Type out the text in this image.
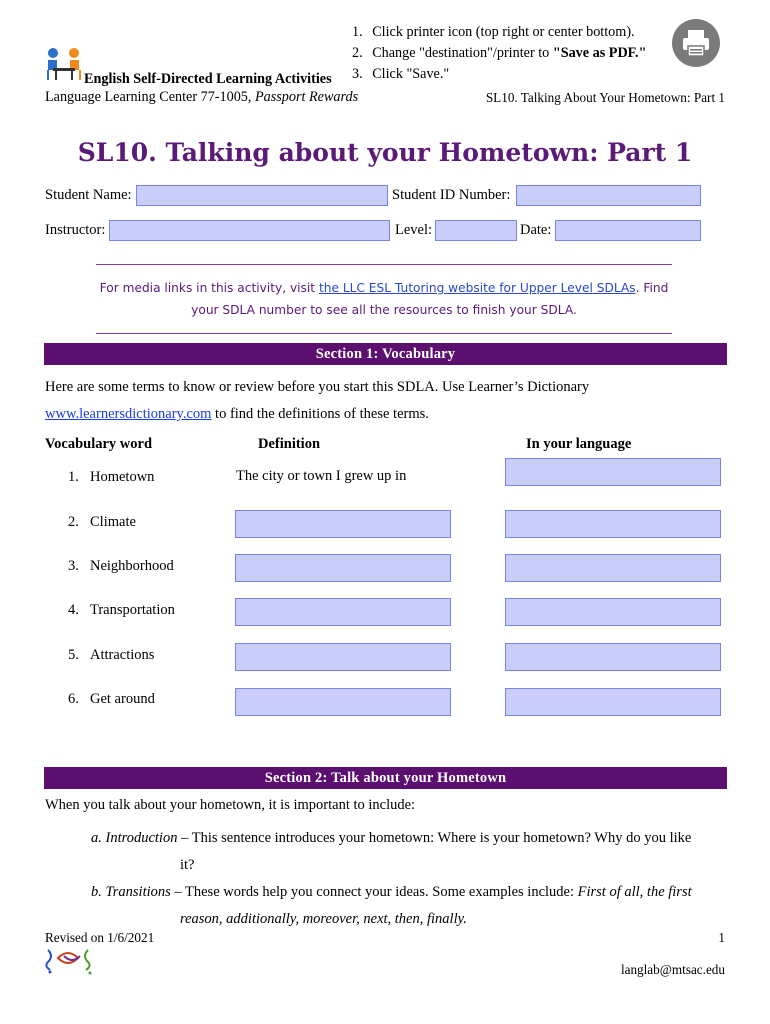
1. Click printer icon (top right or center bottom).
2. Change "destination"/printer to "Save as PDF."
3. Click "Save."
English Self-Directed Learning Activities
Language Learning Center 77-1005, Passport Rewards	SL10. Talking About Your Hometown: Part 1
SL10. Talking about your Hometown: Part 1
Student Name:	Student ID Number:
Instructor:	Level:	Date:
For media links in this activity, visit the LLC ESL Tutoring website for Upper Level SDLAs. Find
your SDLA number to see all the resources to finish your SDLA.
Section 1: Vocabulary
Here are some terms to know or review before you start this SDLA. Use Learner’s Dictionary
www.learnersdictionary.com to find the definitions of these terms.
Vocabulary word	Definition	In your language
1. Hometown	The city or town I grew up in
2. Climate
3. Neighborhood
4. Transportation
5. Attractions
6. Get around
Section 2: Talk about your Hometown
When you talk about your hometown, it is important to include:
a. Introduction – This sentence introduces your hometown: Where is your hometown? Why do you like
it?
b. Transitions – These words help you connect your ideas. Some examples include: First of all, the first
reason, additionally, moreover, next, then, finally.
Revised on 1/6/2021	1
langlab@mtsac.edu
